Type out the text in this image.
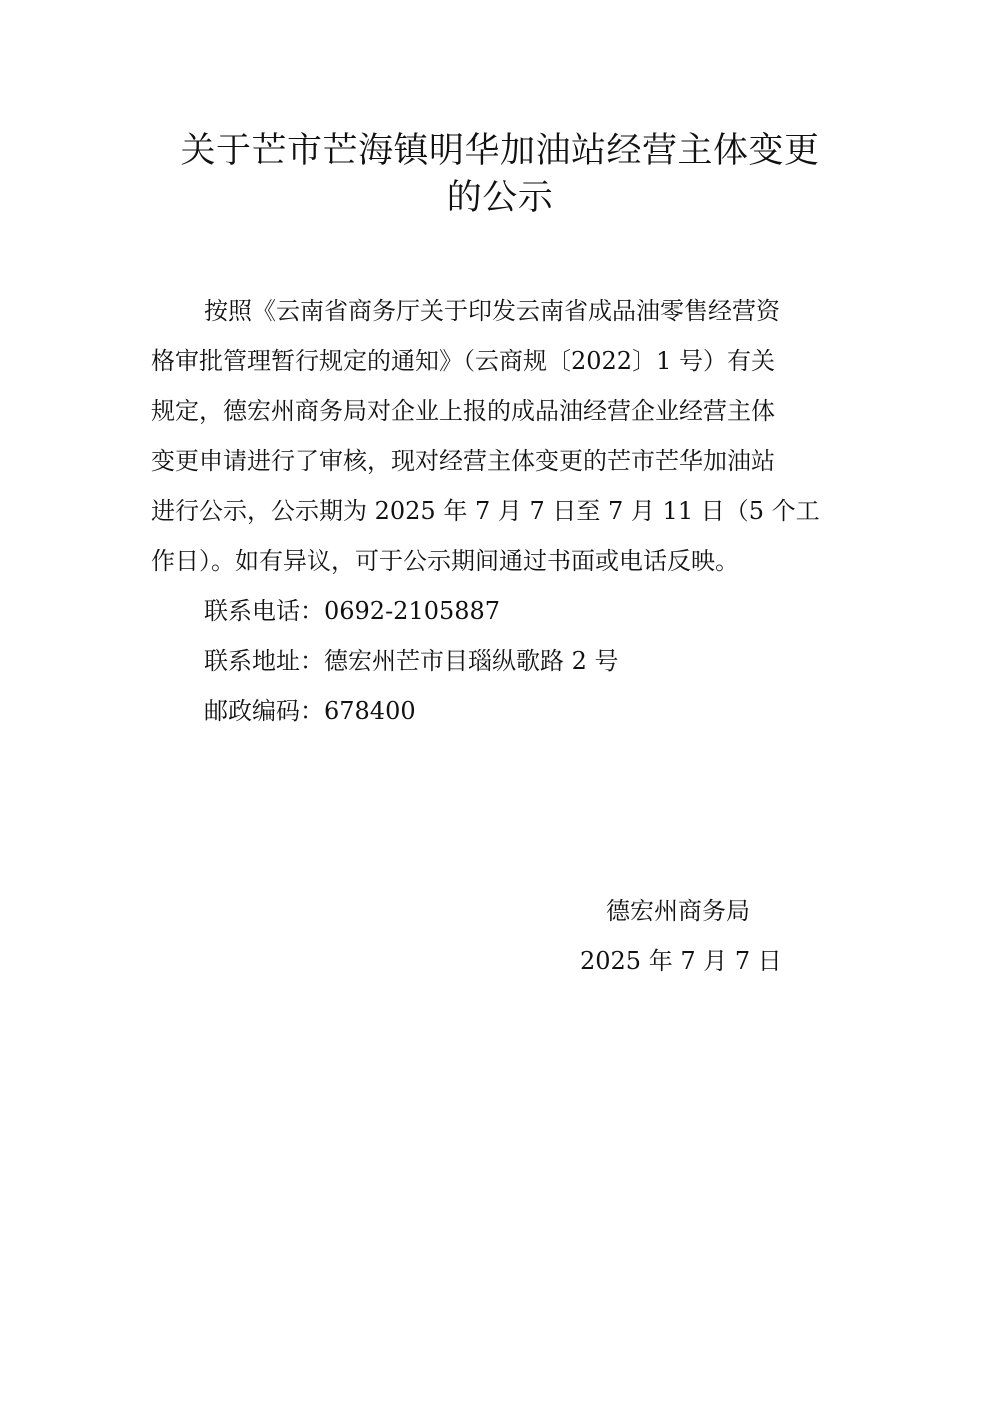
关于芒市芒海镇明华加油站经营主体变更
的公示

按照《云南省商务厅关于印发云南省成品油零售经营资
格审批管理暂行规定的通知》（云商规〔2022〕1 号）有关
规定，德宏州商务局对企业上报的成品油经营企业经营主体
变更申请进行了审核，现对经营主体变更的芒市芒华加油站
进行公示，公示期为 2025 年 7 月 7 日至 7 月 11 日（5 个工
作日）。如有异议，可于公示期间通过书面或电话反映。

联系电话：0692-2105887

联系地址：德宏州芒市目瑙纵歌路 2 号

邮政编码：678400

德宏州商务局
2025 年 7 月 7 日
